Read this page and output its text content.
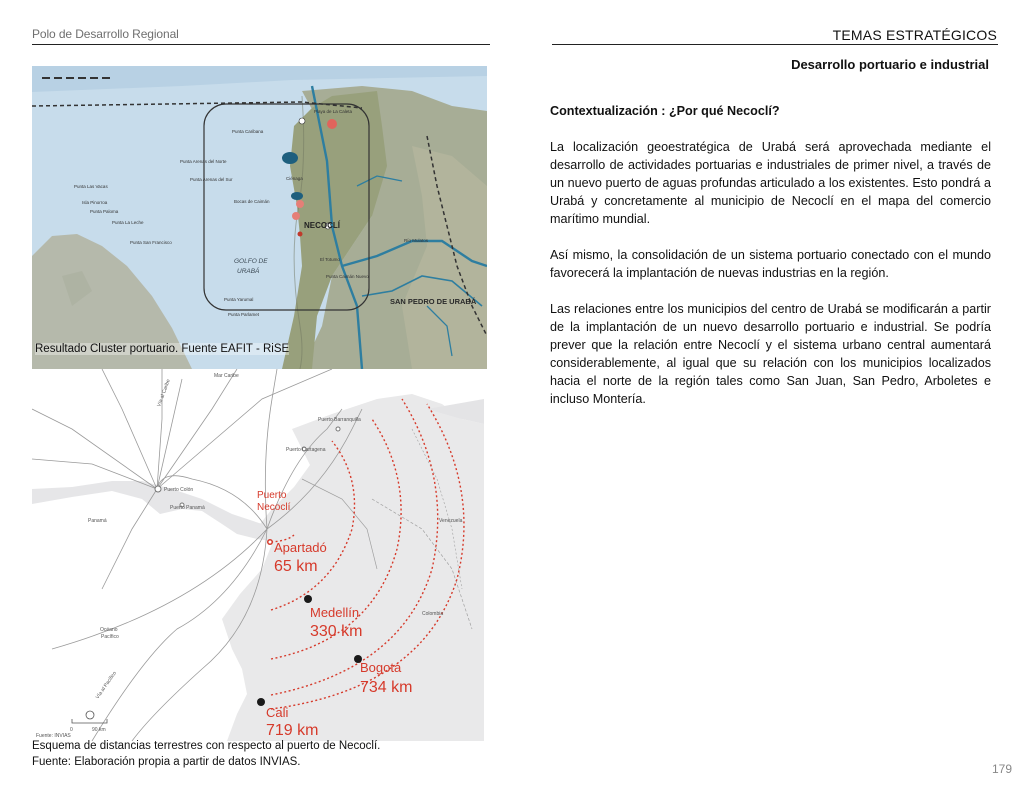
Polo de Desarrollo Regional	TEMAS ESTRATÉGICOS
Desarrollo portuario e industrial
Playa de La Caleta
Punta Caribana
Punta Arenas del Norte
Punta Arenas del Sur
Bocas de Caimán
Ciénaga
Punta Las Vacas
Isla Pinorroa
Punta Paloma
Punta La Leche
Punta San Francisco
Punta Caimán Nuevo
Punta Yarumal
Punta Parlamet
Río Mulatos
El Totumo
NECOCLÍ
GOLFO DE
URABÁ
SAN PEDRO DE URABÁ
Resultado Cluster portuario. Fuente EAFIT - RiSE
Mar Caribe
Panamá
Colombia
Venezuela
Océano
Pacífico
Puerto Colón
Puerto Panamá
Puerto Cartagena
Puerto Barranquilla
0	90 km
Fuente: INVIAS
Vía al Caribe
Vía al Pacífico
Puerto
Necoclí
Apartadó
65 km
Medellín
330 km
Bogotá
734 km
Cali
719 km
Esquema de distancias terrestres con respecto al puerto de Necoclí.
Fuente: Elaboración propia a partir de datos INVIAS.
Contextualización : ¿Por qué Necoclí?

La localización geoestratégica de Urabá será aprovechada mediante el desarrollo de actividades portuarias e industriales de primer nivel, a través de un nuevo puerto de aguas profundas articulado a los existentes. Esto pondrá a Urabá y concretamente al municipio de Necoclí en el mapa del comercio marítimo mundial.

Así mismo, la consolidación de un sistema portuario conectado con el mundo favorecerá la implantación de nuevas industrias en la región.

Las relaciones entre los municipios del centro de Urabá se modificarán a partir de la implantación de un nuevo desarrollo portuario e industrial. Se podría prever que la relación entre Necoclí y el sistema urbano central aumentará considerablemente, al igual que su relación con los municipios localizados hacia el norte de la región tales como San Juan, San Pedro, Arboletes e incluso Montería.

179
